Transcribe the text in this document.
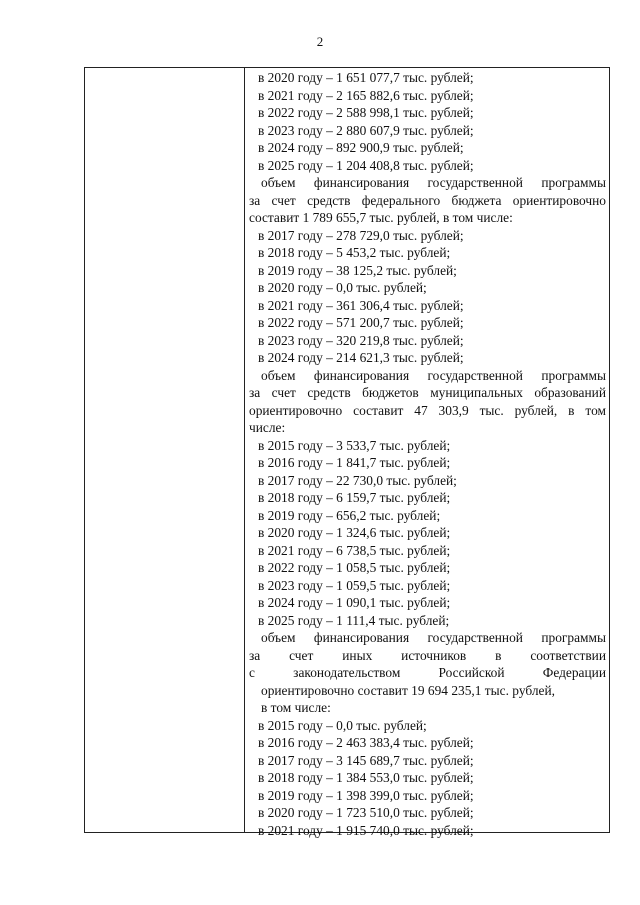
2
в 2020 году – 1 651 077,7 тыс. рублей;
в 2021 году – 2 165 882,6 тыс. рублей;
в 2022 году – 2 588 998,1 тыс. рублей;
в 2023 году – 2 880 607,9 тыс. рублей;
в 2024 году – 892 900,9 тыс. рублей;
в 2025 году – 1 204 408,8 тыс. рублей;
объем финансирования государственной программы
за счет средств федерального бюджета ориентировочно
составит 1 789 655,7 тыс. рублей, в том числе:
в 2017 году – 278 729,0 тыс. рублей;
в 2018 году – 5 453,2 тыс. рублей;
в 2019 году – 38 125,2 тыс. рублей;
в 2020 году – 0,0 тыс. рублей;
в 2021 году – 361 306,4 тыс. рублей;
в 2022 году – 571 200,7 тыс. рублей;
в 2023 году – 320 219,8 тыс. рублей;
в 2024 году – 214 621,3 тыс. рублей;
объем финансирования государственной программы
за счет средств бюджетов муниципальных образований
ориентировочно составит 47 303,9 тыс. рублей, в том
числе:
в 2015 году – 3 533,7 тыс. рублей;
в 2016 году – 1 841,7 тыс. рублей;
в 2017 году – 22 730,0 тыс. рублей;
в 2018 году – 6 159,7 тыс. рублей;
в 2019 году – 656,2 тыс. рублей;
в 2020 году – 1 324,6 тыс. рублей;
в 2021 году – 6 738,5 тыс. рублей;
в 2022 году – 1 058,5 тыс. рублей;
в 2023 году – 1 059,5 тыс. рублей;
в 2024 году – 1 090,1 тыс. рублей;
в 2025 году – 1 111,4 тыс. рублей;
объем финансирования государственной программы
за счет иных источников в соответствии
с законодательством Российской Федерации
ориентировочно составит 19 694 235,1 тыс. рублей,
в том числе:
в 2015 году – 0,0 тыс. рублей;
в 2016 году – 2 463 383,4 тыс. рублей;
в 2017 году – 3 145 689,7 тыс. рублей;
в 2018 году – 1 384 553,0 тыс. рублей;
в 2019 году – 1 398 399,0 тыс. рублей;
в 2020 году – 1 723 510,0 тыс. рублей;
в 2021 году – 1 915 740,0 тыс. рублей;
